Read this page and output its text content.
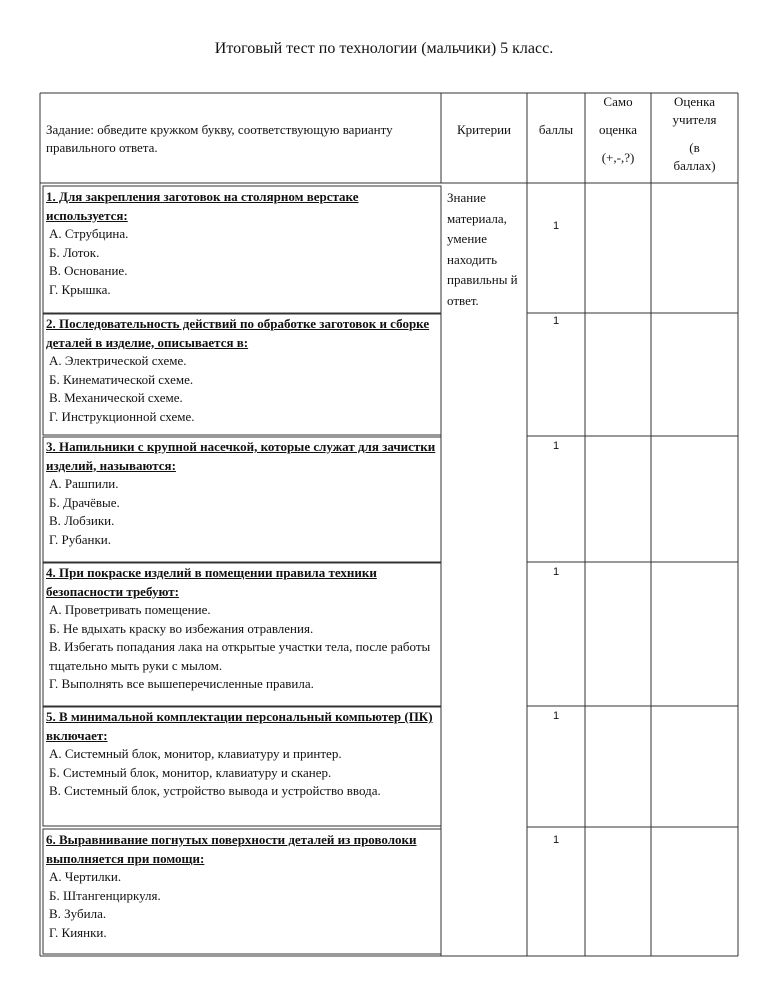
Итоговый тест по технологии (мальчики) 5 класс.
Задание: обведите кружком букву, соответствующую варианту правильного ответа.
Критерии	баллы
Само
оценка
(+,-,?)
Оценка
учителя
(в
баллах)
Знание материала, умение находить правильны й ответ.
1. Для закрепления заготовок на столярном верстаке используется:
А. Струбцина.
Б. Лоток.
В. Основание.
Г. Крышка.
1
2. Последовательность действий по обработке заготовок и сборке деталей в изделие, описывается в:
А. Электрической схеме.
Б. Кинематической схеме.
В. Механической схеме.
Г. Инструкционной схеме.
1
3. Напильники с крупной насечкой, которые служат для зачистки изделий, называются:
А. Рашпили.
Б. Драчёвые.
В. Лобзики.
Г. Рубанки.
1
4. При покраске изделий в помещении правила техники безопасности требуют:
А. Проветривать помещение.
Б. Не вдыхать краску во избежания отравления.
В. Избегать попадания лака на открытые участки тела, после работы тщательно мыть руки с мылом.
Г. Выполнять все вышеперечисленные правила.
1
5. В минимальной комплектации персональный компьютер (ПК) включает:
А. Системный блок, монитор, клавиатуру и принтер.
Б. Системный блок, монитор, клавиатуру и сканер.
В. Системный блок, устройство вывода и устройство ввода.
1
6. Выравнивание погнутых поверхности деталей из проволоки выполняется при помощи:
А. Чертилки.
Б. Штангенциркуля.
В. Зубила.
Г. Киянки.
1
